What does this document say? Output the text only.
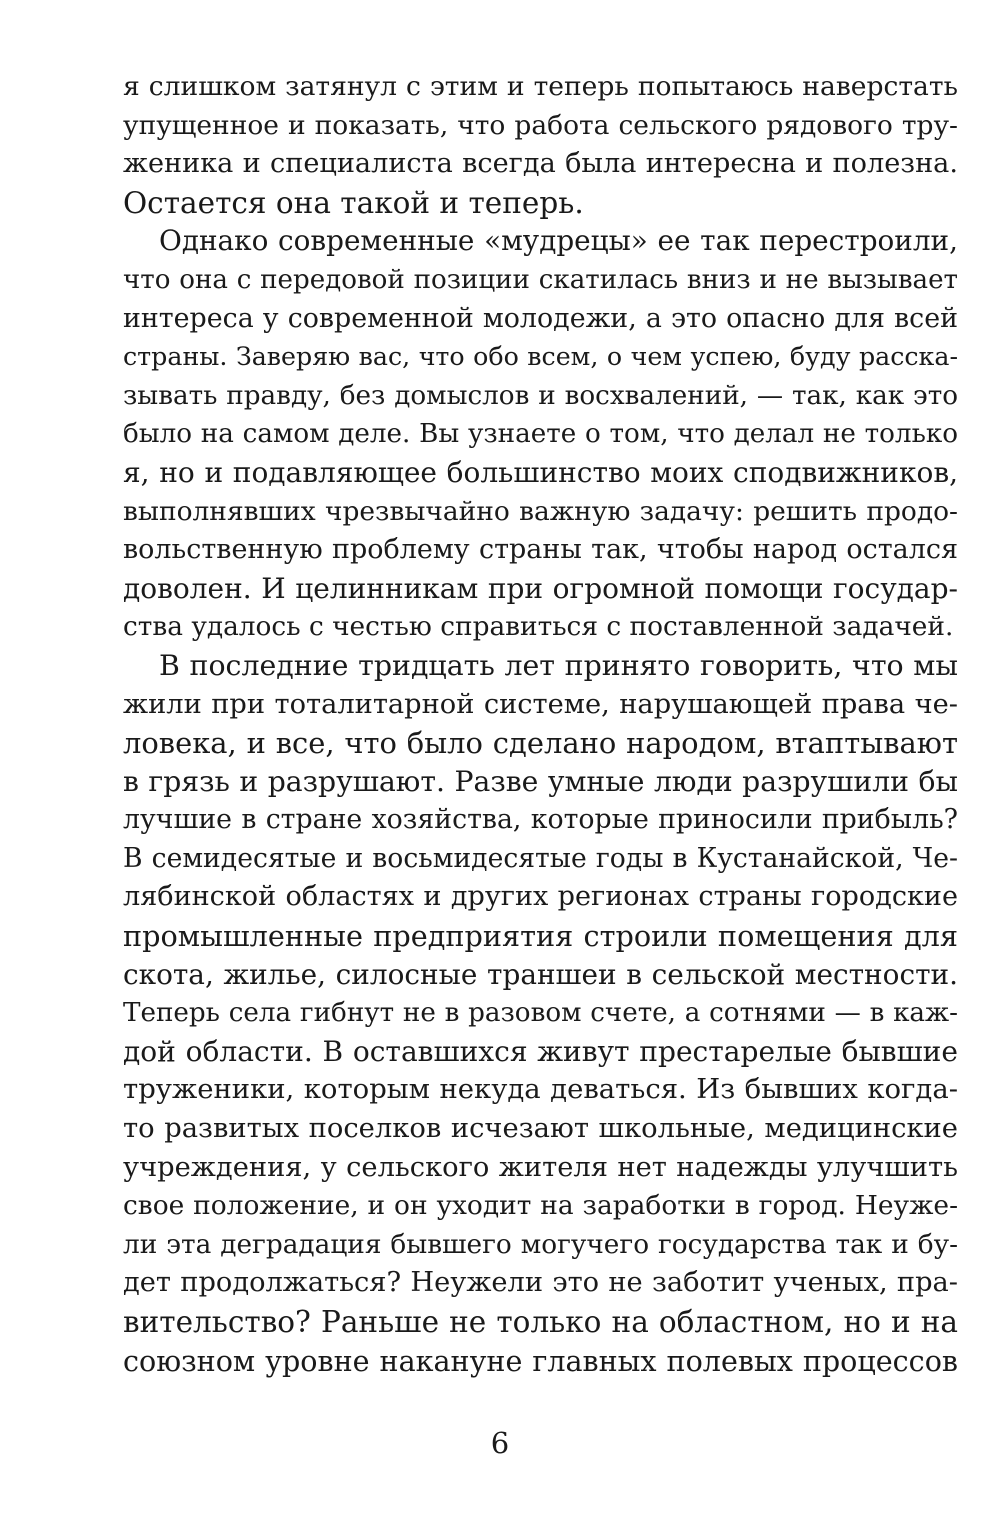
я слишком затянул с этим и теперь попытаюсь наверстать
упущенное и показать, что работа сельского рядового тру-
женика и специалиста всегда была интересна и полезна.
Остается она такой и теперь.
Однако современные «мудрецы» ее так перестроили,
что она с передовой позиции скатилась вниз и не вызывает
интереса у современной молодежи, а это опасно для всей
страны. Заверяю вас, что обо всем, о чем успею, буду расска-
зывать правду, без домыслов и восхвалений, — так, как это
было на самом деле. Вы узнаете о том, что делал не только
я, но и подавляющее большинство моих сподвижников,
выполнявших чрезвычайно важную задачу: решить продо-
вольственную проблему страны так, чтобы народ остался
доволен. И целинникам при огромной помощи государ-
ства удалось с честью справиться с поставленной задачей.
В последние тридцать лет принято говорить, что мы
жили при тоталитарной системе, нарушающей права че-
ловека, и все, что было сделано народом, втаптывают
в грязь и разрушают. Разве умные люди разрушили бы
лучшие в стране хозяйства, которые приносили прибыль?
В семидесятые и восьмидесятые годы в Кустанайской, Че-
лябинской областях и других регионах страны городские
промышленные предприятия строили помещения для
скота, жилье, силосные траншеи в сельской местности.
Теперь села гибнут не в разовом счете, а сотнями — в каж-
дой области. В оставшихся живут престарелые бывшие
труженики, которым некуда деваться. Из бывших когда-
то развитых поселков исчезают школьные, медицинские
учреждения, у сельского жителя нет надежды улучшить
свое положение, и он уходит на заработки в город. Неуже-
ли эта деградация бывшего могучего государства так и бу-
дет продолжаться? Неужели это не заботит ученых, пра-
вительство? Раньше не только на областном, но и на
союзном уровне накануне главных полевых процессов
6
